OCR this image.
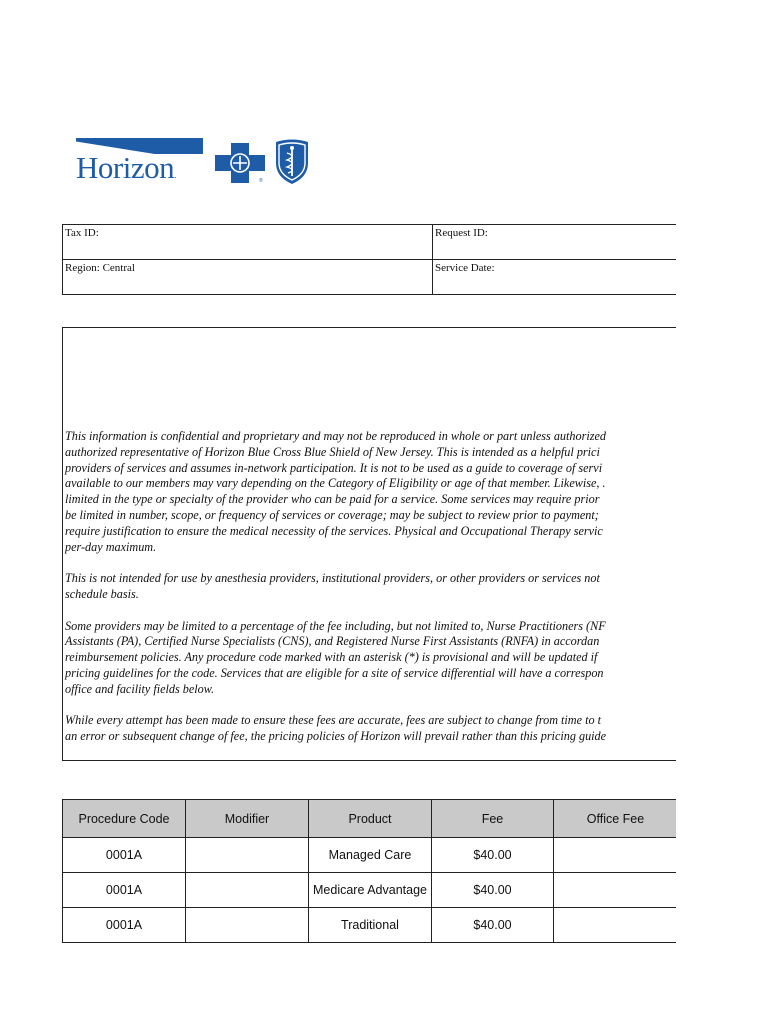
Horizon.
®
Tax ID:	Request ID:
Region: Central	Service Date:

This information is confidential and proprietary and may not be reproduced in whole or part unless authorized
authorized representative of Horizon Blue Cross Blue Shield of New Jersey. This is intended as a helpful prici
providers of services and assumes in-network participation. It is not to be used as a guide to coverage of servi
available to our members may vary depending on the Category of Eligibility or age of that member. Likewise, .
limited in the type or specialty of the provider who can be paid for a service. Some services may require prior
be limited in number, scope, or frequency of services or coverage; may be subject to review prior to payment;
require justification to ensure the medical necessity of the services. Physical and Occupational Therapy servic
per-day maximum.

This is not intended for use by anesthesia providers, institutional providers, or other providers or services not
schedule basis.

Some providers may be limited to a percentage of the fee including, but not limited to, Nurse Practitioners (NF
Assistants (PA), Certified Nurse Specialists (CNS), and Registered Nurse First Assistants (RNFA) in accordan
reimbursement policies. Any procedure code marked with an asterisk (*) is provisional and will be updated if
pricing guidelines for the code. Services that are eligible for a site of service differential will have a correspon
office and facility fields below.

While every attempt has been made to ensure these fees are accurate, fees are subject to change from time to t
an error or subsequent change of fee, the pricing policies of Horizon will prevail rather than this pricing guide

Procedure Code	Modifier	Product	Fee	Office Fee
0001A		Managed Care	$40.00	
0001A		Medicare Advantage	$40.00	
0001A		Traditional	$40.00	
